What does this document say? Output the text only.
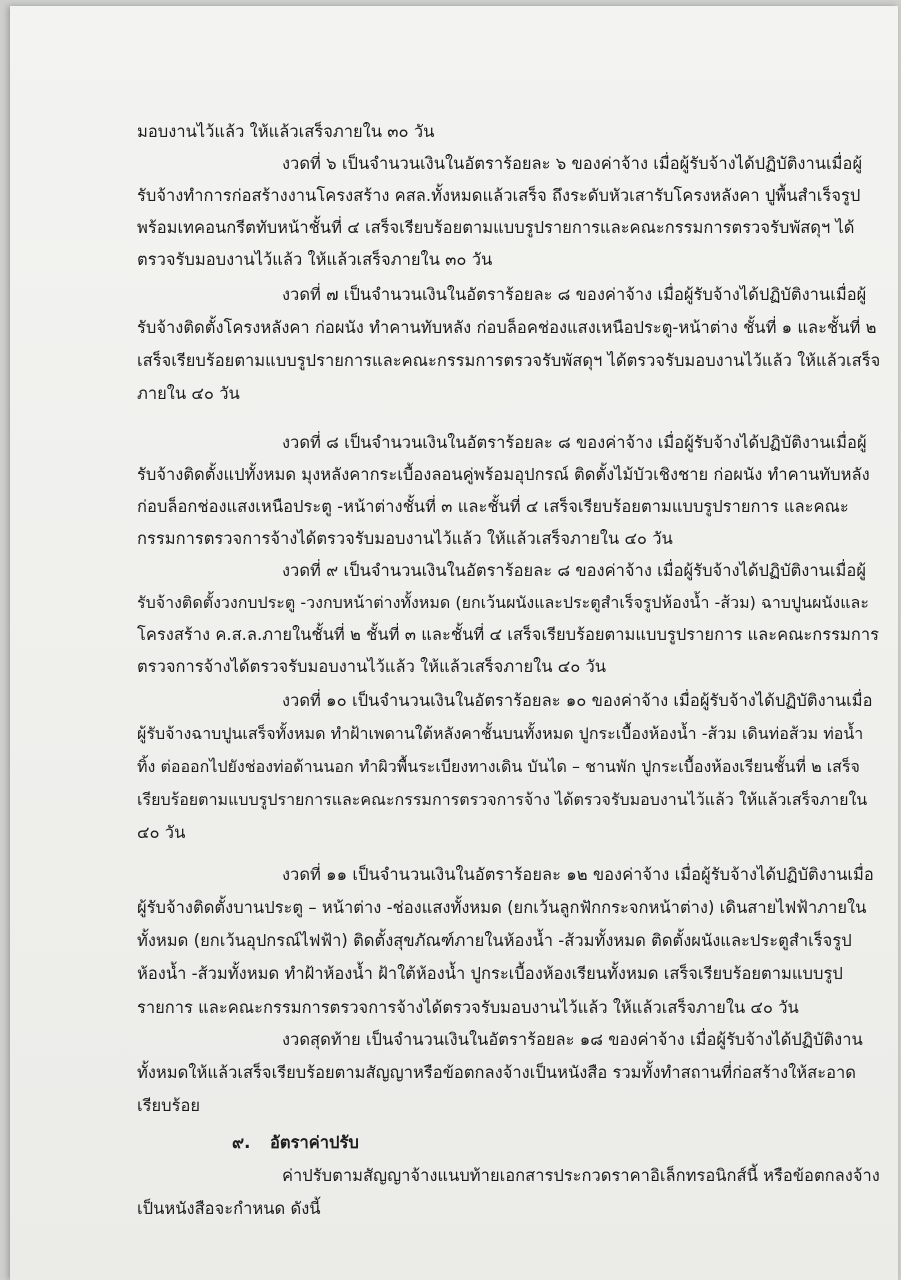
มอบงานไว้แล้ว ให้แล้วเสร็จภายใน ๓๐ วัน
งวดที่ ๖ เป็นจำนวนเงินในอัตราร้อยละ ๖ ของค่าจ้าง เมื่อผู้รับจ้างได้ปฏิบัติงานเมื่อผู้
รับจ้างทำการก่อสร้างงานโครงสร้าง คสล.ทั้งหมดแล้วเสร็จ ถึงระดับหัวเสารับโครงหลังคา ปูพื้นสำเร็จรูป
พร้อมเทคอนกรีตทับหน้าชั้นที่ ๔ เสร็จเรียบร้อยตามแบบรูปรายการและคณะกรรมการตรวจรับพัสดุฯ ได้
ตรวจรับมอบงานไว้แล้ว ให้แล้วเสร็จภายใน ๓๐ วัน
งวดที่ ๗ เป็นจำนวนเงินในอัตราร้อยละ ๘ ของค่าจ้าง เมื่อผู้รับจ้างได้ปฏิบัติงานเมื่อผู้
รับจ้างติดตั้งโครงหลังคา ก่อผนัง ทำคานทับหลัง ก่อบล็อคช่องแสงเหนือประตู-หน้าต่าง ชั้นที่ ๑ และชั้นที่ ๒
เสร็จเรียบร้อยตามแบบรูปรายการและคณะกรรมการตรวจรับพัสดุฯ ได้ตรวจรับมอบงานไว้แล้ว ให้แล้วเสร็จ
ภายใน ๔๐ วัน
งวดที่ ๘ เป็นจำนวนเงินในอัตราร้อยละ ๘ ของค่าจ้าง เมื่อผู้รับจ้างได้ปฏิบัติงานเมื่อผู้
รับจ้างติดตั้งแปทั้งหมด มุงหลังคากระเบื้องลอนคู่พร้อมอุปกรณ์ ติดตั้งไม้บัวเชิงชาย ก่อผนัง ทำคานทับหลัง
ก่อบล็อกช่องแสงเหนือประตู -หน้าต่างชั้นที่ ๓ และชั้นที่ ๔ เสร็จเรียบร้อยตามแบบรูปรายการ และคณะ
กรรมการตรวจการจ้างได้ตรวจรับมอบงานไว้แล้ว ให้แล้วเสร็จภายใน ๔๐ วัน
งวดที่ ๙ เป็นจำนวนเงินในอัตราร้อยละ ๘ ของค่าจ้าง เมื่อผู้รับจ้างได้ปฏิบัติงานเมื่อผู้
รับจ้างติดตั้งวงกบประตู -วงกบหน้าต่างทั้งหมด (ยกเว้นผนังและประตูสำเร็จรูปห้องน้ำ -ส้วม) ฉาบปูนผนังและ
โครงสร้าง ค.ส.ล.ภายในชั้นที่ ๒ ชั้นที่ ๓ และชั้นที่ ๔ เสร็จเรียบร้อยตามแบบรูปรายการ และคณะกรรมการ
ตรวจการจ้างได้ตรวจรับมอบงานไว้แล้ว ให้แล้วเสร็จภายใน ๔๐ วัน
งวดที่ ๑๐ เป็นจำนวนเงินในอัตราร้อยละ ๑๐ ของค่าจ้าง เมื่อผู้รับจ้างได้ปฏิบัติงานเมื่อ
ผู้รับจ้างฉาบปูนเสร็จทั้งหมด ทำฝ้าเพดานใต้หลังคาชั้นบนทั้งหมด ปูกระเบื้องห้องน้ำ -ส้วม เดินท่อส้วม ท่อน้ำ
ทิ้ง ต่อออกไปยังช่องท่อด้านนอก ทำผิวพื้นระเบียงทางเดิน บันได – ชานพัก ปูกระเบื้องห้องเรียนชั้นที่ ๒ เสร็จ
เรียบร้อยตามแบบรูปรายการและคณะกรรมการตรวจการจ้าง ได้ตรวจรับมอบงานไว้แล้ว ให้แล้วเสร็จภายใน
๔๐ วัน
งวดที่ ๑๑ เป็นจำนวนเงินในอัตราร้อยละ ๑๒ ของค่าจ้าง เมื่อผู้รับจ้างได้ปฏิบัติงานเมื่อ
ผู้รับจ้างติดตั้งบานประตู – หน้าต่าง -ช่องแสงทั้งหมด (ยกเว้นลูกฟักกระจกหน้าต่าง) เดินสายไฟฟ้าภายใน
ทั้งหมด (ยกเว้นอุปกรณ์ไฟฟ้า) ติดตั้งสุขภัณฑ์ภายในห้องน้ำ -ส้วมทั้งหมด ติดตั้งผนังและประตูสำเร็จรูป
ห้องน้ำ -ส้วมทั้งหมด ทำฝ้าห้องน้ำ ฝ้าใต้ห้องน้ำ ปูกระเบื้องห้องเรียนทั้งหมด เสร็จเรียบร้อยตามแบบรูป
รายการ และคณะกรรมการตรวจการจ้างได้ตรวจรับมอบงานไว้แล้ว ให้แล้วเสร็จภายใน ๔๐ วัน
งวดสุดท้าย เป็นจำนวนเงินในอัตราร้อยละ ๑๘ ของค่าจ้าง เมื่อผู้รับจ้างได้ปฏิบัติงาน
ทั้งหมดให้แล้วเสร็จเรียบร้อยตามสัญญาหรือข้อตกลงจ้างเป็นหนังสือ รวมทั้งทำสถานที่ก่อสร้างให้สะอาด
เรียบร้อย
๙. อัตราค่าปรับ
ค่าปรับตามสัญญาจ้างแนบท้ายเอกสารประกวดราคาอิเล็กทรอนิกส์นี้ หรือข้อตกลงจ้าง
เป็นหนังสือจะกำหนด ดังนี้
